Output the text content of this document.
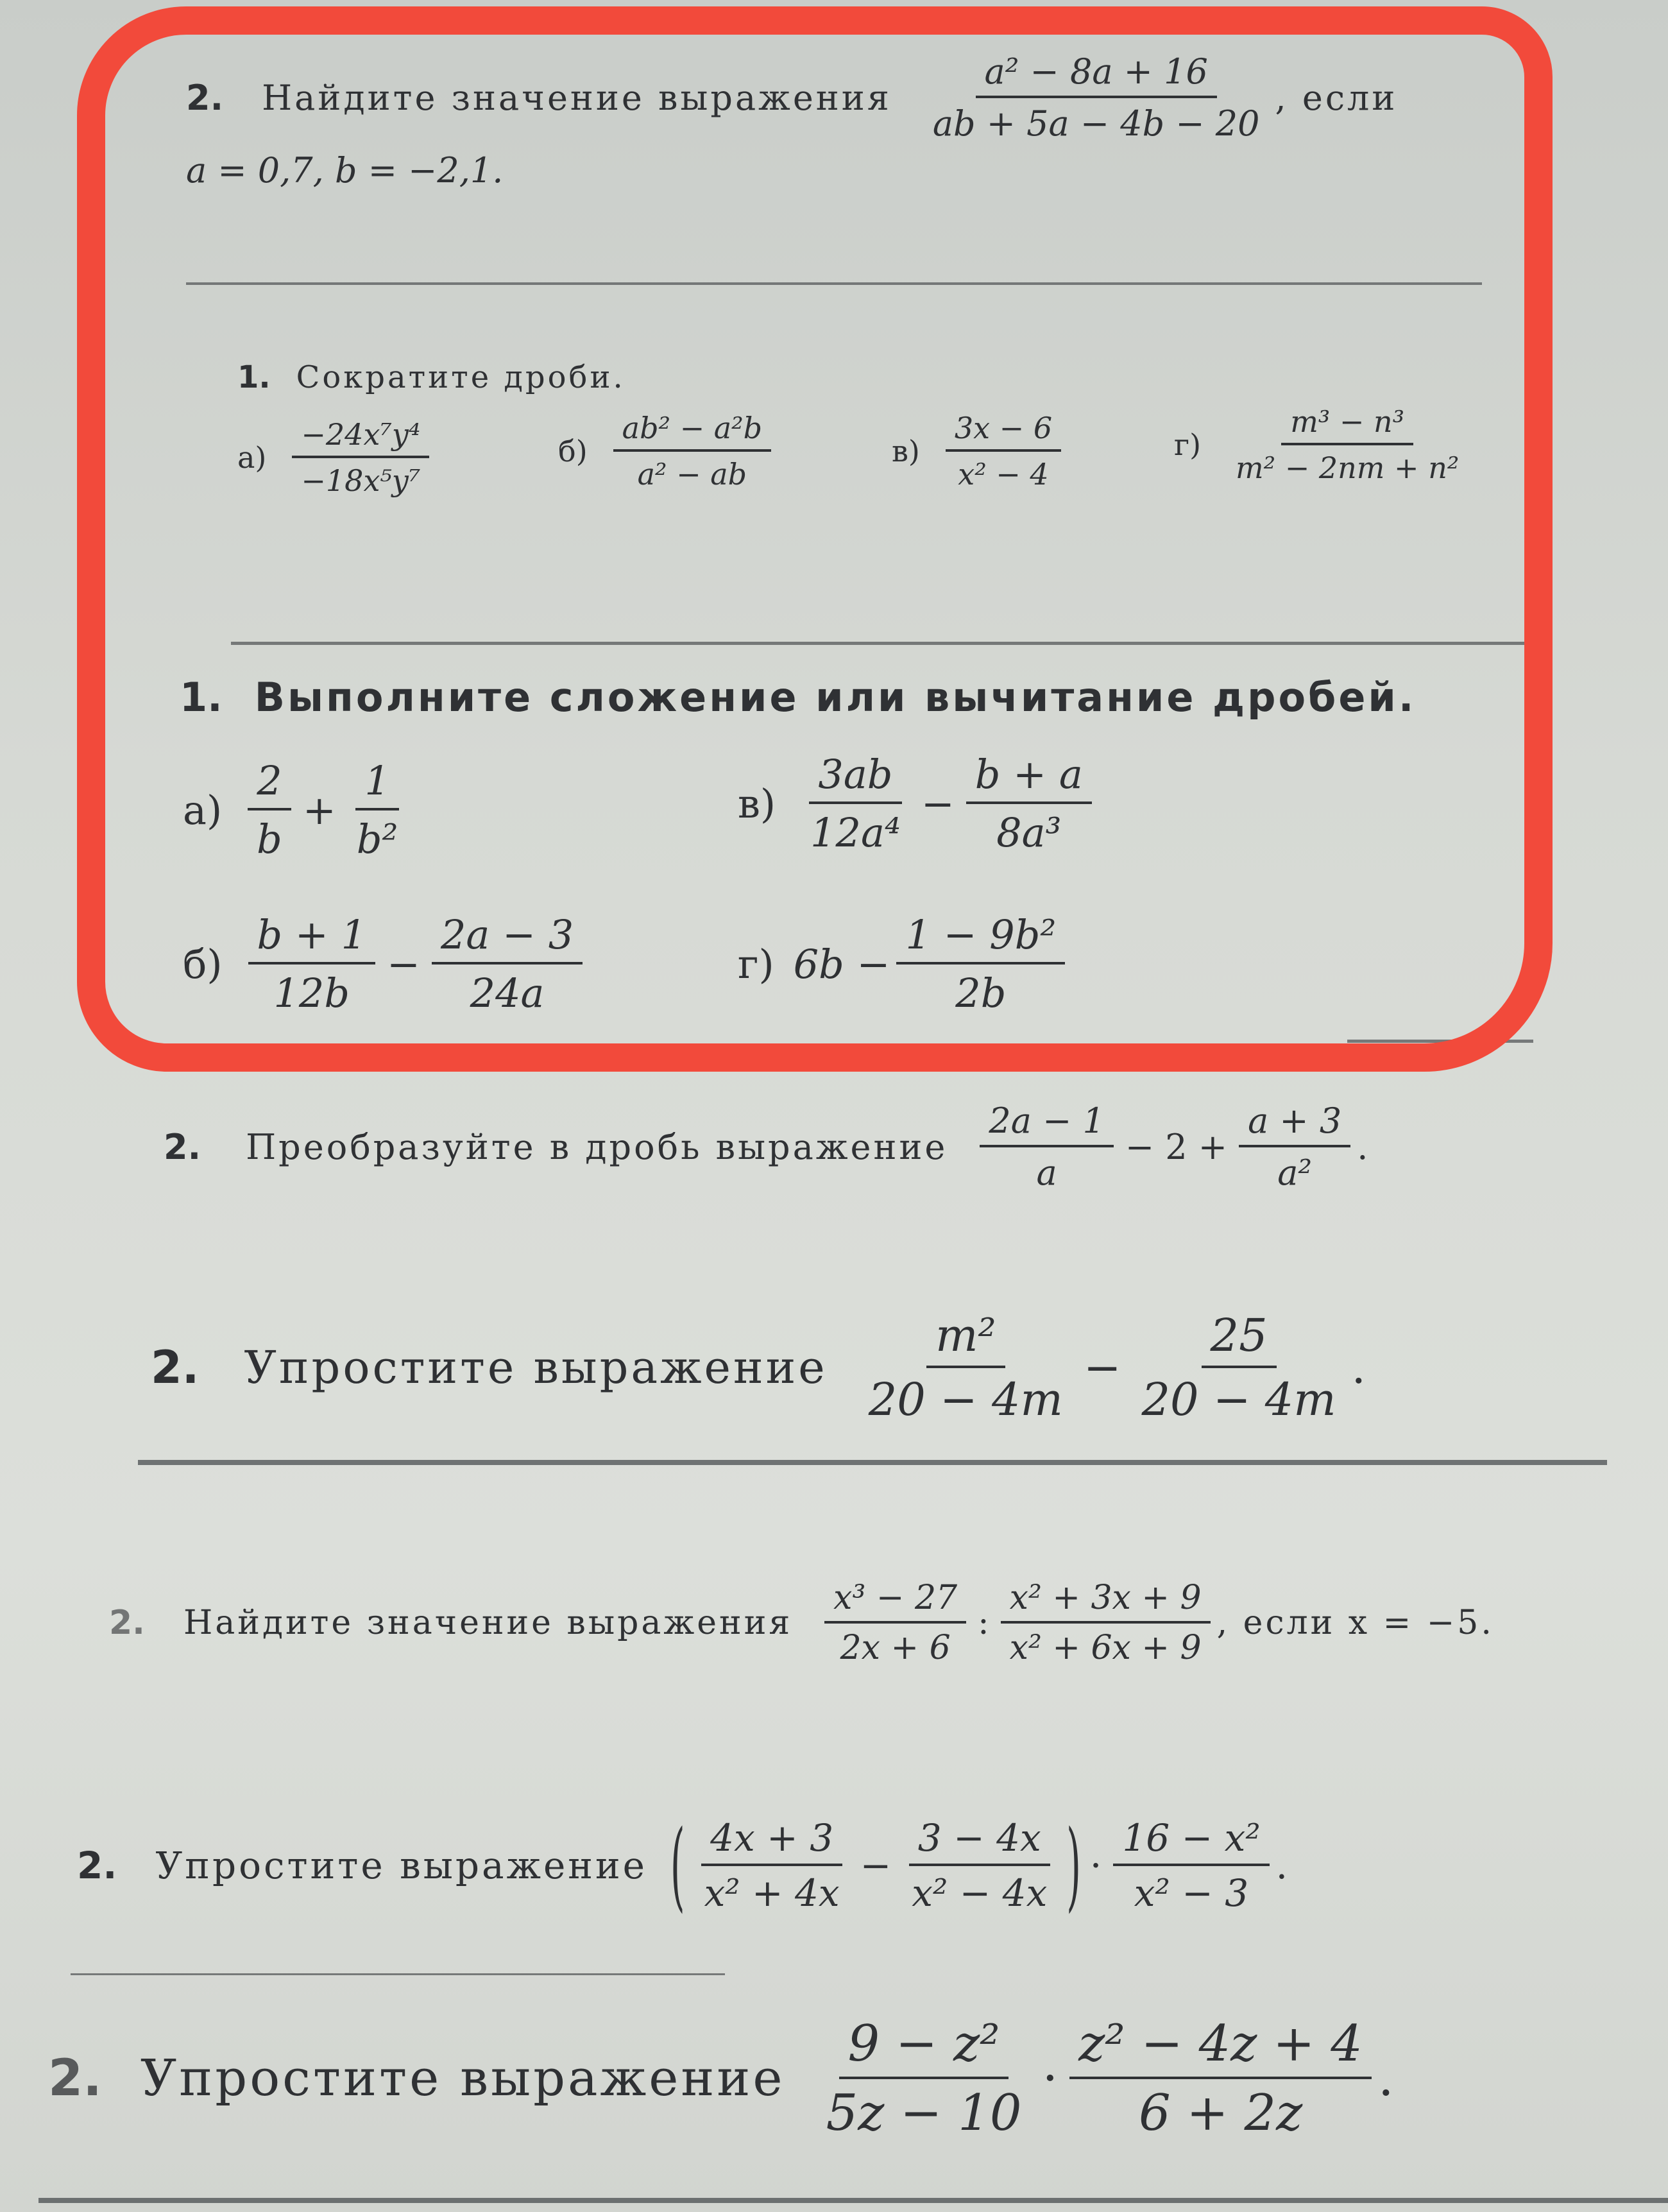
2. Найдите значение выражения $\frac{\text{a² − 8a + 16}}{ab + 5a - 4b - 20}$ , если
a = 0,7, b = −2,1.
1. Сократите дроби.
$а) \frac{\text{−24x⁷y⁴}}{\text{−18x⁵y⁷}}$	$б) \frac{\text{ab² − a²b}}{\text{a² − ab}}$	$в) \frac{3x - 6}{\text{x² − 4}}$	$г) \frac{\text{m³ − n³}}{\text{m² − 2nm + n²}}$
1. Выполните сложение или вычитание дробей.
$а) \frac{2}{b} + \frac{1}{\text{b²}}$	$в) \frac{3ab}{\text{12a⁴}} - \frac{b + a}{\text{8a³}}$
$б) \frac{b + 1}{12b} - \frac{2a - 3}{24a}$	г) $6b - \frac{\text{1 − 9b²}}{2b}$
2. Преобразуйте в дробь выражение $\frac{2a - 1}{a} - 2 + \frac{a + 3}{\text{a²}}$ .
2. Упростите выражение $\frac{\text{m²}}{20 - 4m} - \frac{25}{20 - 4m}$ .
2. Найдите значение выражения $\frac{\text{x³ − 27}}{2x + 6}$ : $\frac{\text{x² + 3x + 9}}{\text{x² + 6x + 9}}$ , если x = −5.
2. Упростите выражение ( $\frac{4x + 3}{\text{x² + 4x}} - \frac{3 - 4x}{\text{x² − 4x}}$ ) · $\frac{\text{16 − x²}}{\text{x² − 3}}$ .
2. Упростите выражение $\frac{\text{9 − z²}}{5z - 10} \cdot \frac{\text{z² − 4z + 4}}{6 + 2z}$ .
